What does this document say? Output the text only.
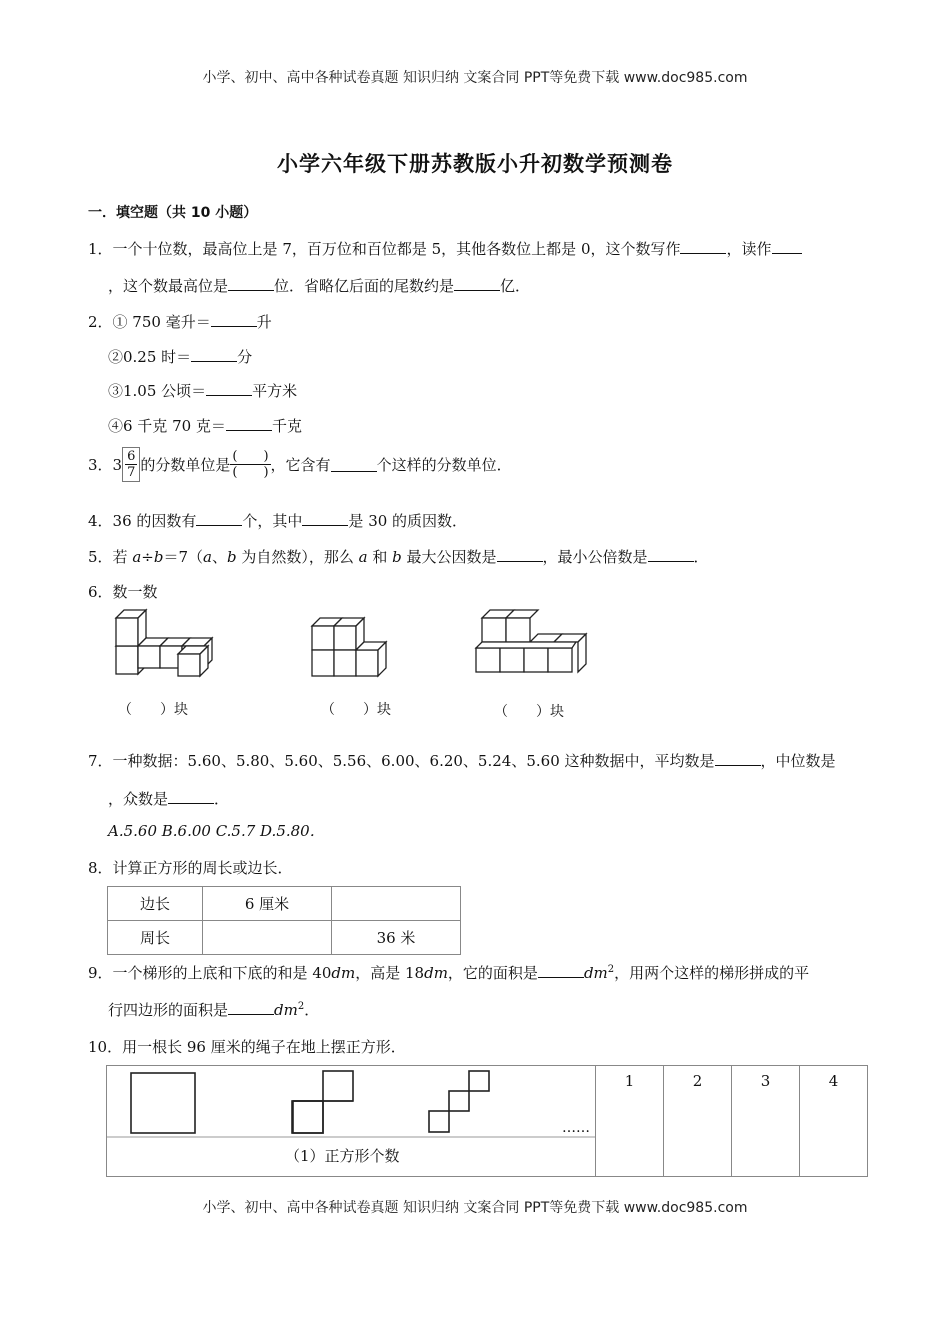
小学、初中、高中各种试卷真题 知识归纳 文案合同 PPT等免费下载 www.doc985.com
小学六年级下册苏教版小升初数学预测卷
一．填空题（共 10 小题）
1．一个十位数，最高位上是 7，百万位和百位都是 5，其他各数位上都是 0，这个数写作	，读作
，这个数最高位是	位．省略亿后面的尾数约是	亿．
2．① 750 毫升＝	升
②0.25 时＝	分
③1.05 公顷＝	平方米
④6 千克 70 克＝	千克
3．$3 \frac{6}{7}$ 的分数单位是 $\frac{( )}{( )}$ ，它含有	个这样的分数单位．
4．36 的因数有	个，其中	是 30 的质因数．
5．若 a÷b＝7（a、b 为自然数），那么 a 和 b 最大公因数是	，最小公倍数是	．
6．数一数
（　　）块	（　　）块	（　　）块
7．一种数据：5.60、5.80、5.60、5.56、6.00、6.20、5.24、5.60 这种数据中，平均数是	，中位数是
，众数是	．
A.5.60 B.6.00 C.5.7 D.5.80．
8．计算正方形的周长或边长．
边长	6 厘米	
周长		36 米
9．一个梯形的上底和下底的和是 40dm，高是 18dm，它的面积是	$dm^2$，用两个这样的梯形拼成的平
行四边形的面积是	$dm^2$．
10．用一根长 96 厘米的绳子在地上摆正方形．
……
（1）正方形个数
1	2	3	4
小学、初中、高中各种试卷真题 知识归纳 文案合同 PPT等免费下载 www.doc985.com
